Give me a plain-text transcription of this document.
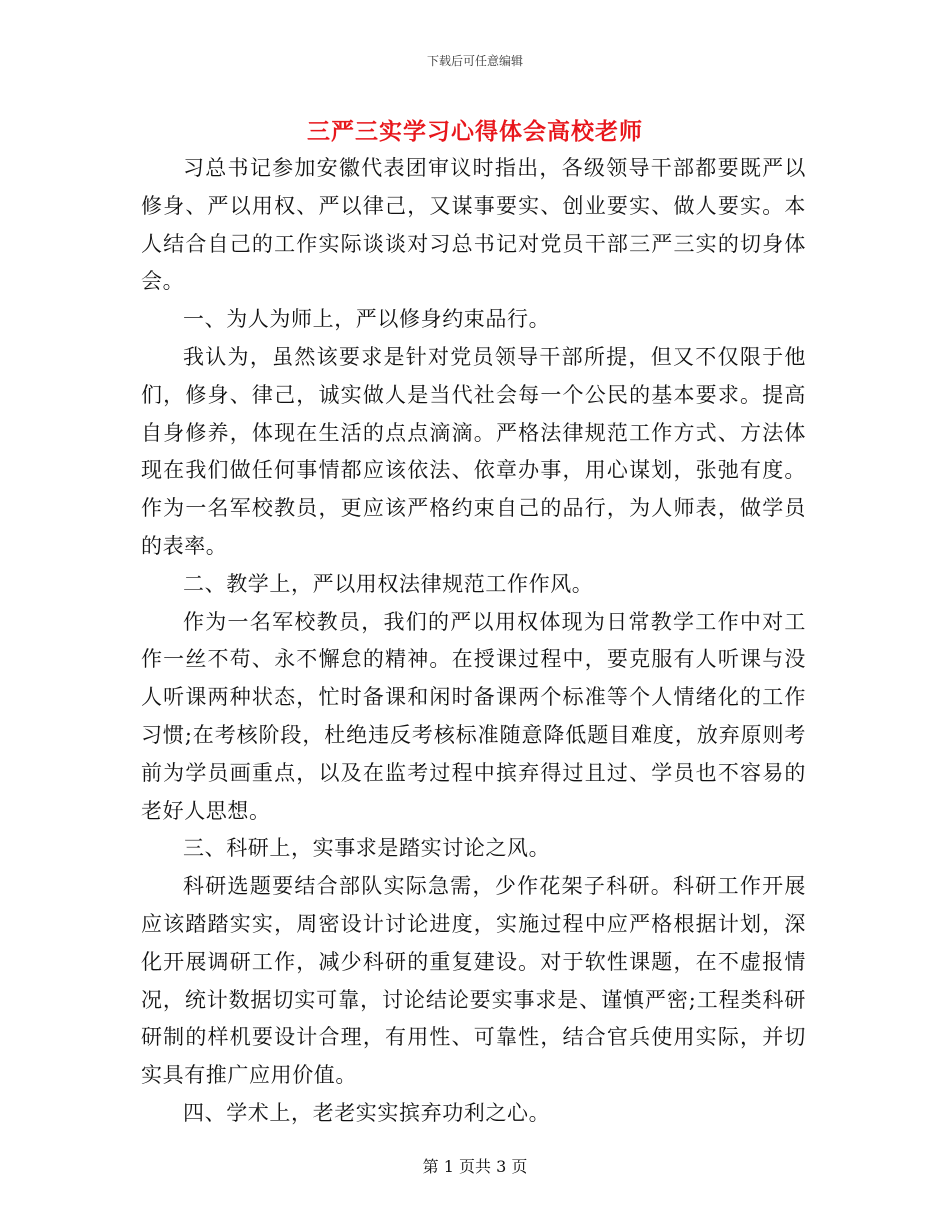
下载后可任意编辑
三严三实学习心得体会高校老师

习总书记参加安徽代表团审议时指出，各级领导干部都要既严以修身、严以用权、严以律己，又谋事要实、创业要实、做人要实。本人结合自己的工作实际谈谈对习总书记对党员干部三严三实的切身体会。

一、为人为师上，严以修身约束品行。

我认为，虽然该要求是针对党员领导干部所提，但又不仅限于他们，修身、律己，诚实做人是当代社会每一个公民的基本要求。提高自身修养，体现在生活的点点滴滴。严格法律规范工作方式、方法体现在我们做任何事情都应该依法、依章办事，用心谋划，张弛有度。作为一名军校教员，更应该严格约束自己的品行，为人师表，做学员的表率。

二、教学上，严以用权法律规范工作作风。

作为一名军校教员，我们的严以用权体现为日常教学工作中对工作一丝不苟、永不懈怠的精神。在授课过程中，要克服有人听课与没人听课两种状态，忙时备课和闲时备课两个标准等个人情绪化的工作习惯;在考核阶段，杜绝违反考核标准随意降低题目难度，放弃原则考前为学员画重点，以及在监考过程中摈弃得过且过、学员也不容易的老好人思想。

三、科研上，实事求是踏实讨论之风。

科研选题要结合部队实际急需，少作花架子科研。科研工作开展应该踏踏实实，周密设计讨论进度，实施过程中应严格根据计划，深化开展调研工作，减少科研的重复建设。对于软性课题，在不虚报情况，统计数据切实可靠，讨论结论要实事求是、谨慎严密;工程类科研研制的样机要设计合理，有用性、可靠性，结合官兵使用实际，并切实具有推广应用价值。

四、学术上，老老实实摈弃功利之心。

第 1 页共 3 页
